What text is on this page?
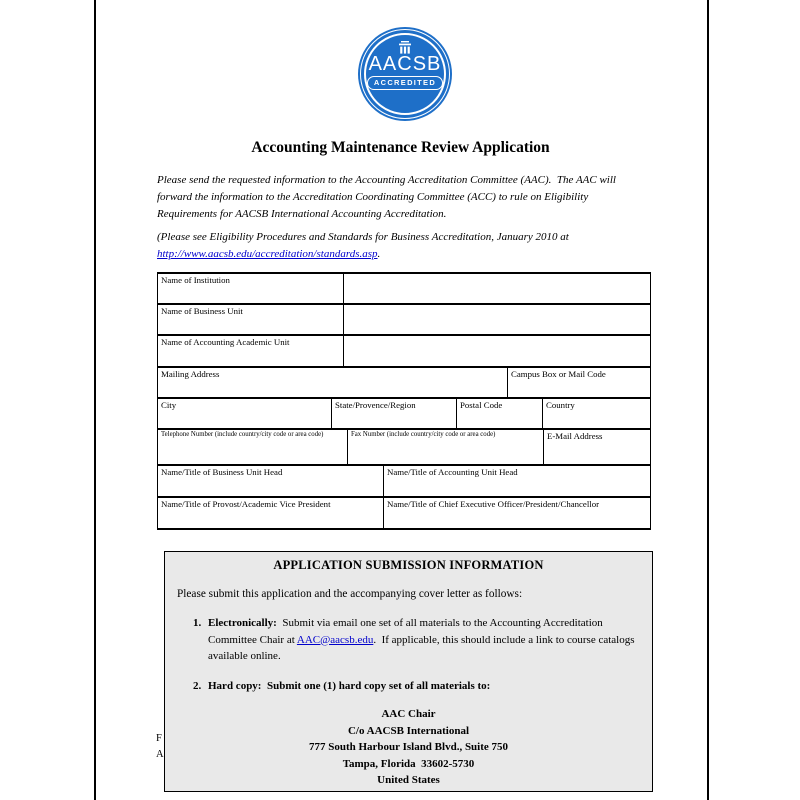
AACSB
ACCREDITED
Accounting Maintenance Review Application
Please send the requested information to the Accounting Accreditation Committee (AAC).  The AAC will
forward the information to the Accreditation Coordinating Committee (ACC) to rule on Eligibility
Requirements for AACSB International Accounting Accreditation.
(Please see Eligibility Procedures and Standards for Business Accreditation, January 2010 at
http://www.aacsb.edu/accreditation/standards.asp.
Name of Institution
Name of Business Unit
Name of Accounting Academic Unit
Mailing Address	Campus Box or Mail Code
City	State/Provence/Region	Postal Code	Country
Telephone Number (include country/city code or area code)	Fax Number (include country/city code or area code)	E-Mail Address
Name/Title of Business Unit Head	Name/Title of Accounting Unit Head
Name/Title of Provost/Academic Vice President	Name/Title of Chief Executive Officer/President/Chancellor
F
A
APPLICATION SUBMISSION INFORMATION
Please submit this application and the accompanying cover letter as follows:
1. Electronically:  Submit via email one set of all materials to the Accounting Accreditation Committee Chair at AAC@aacsb.edu.  If applicable, this should include a link to course catalogs available online.
2. Hard copy:  Submit one (1) hard copy set of all materials to:
AAC Chair
C/o AACSB International
777 South Harbour Island Blvd., Suite 750
Tampa, Florida  33602-5730
United States
